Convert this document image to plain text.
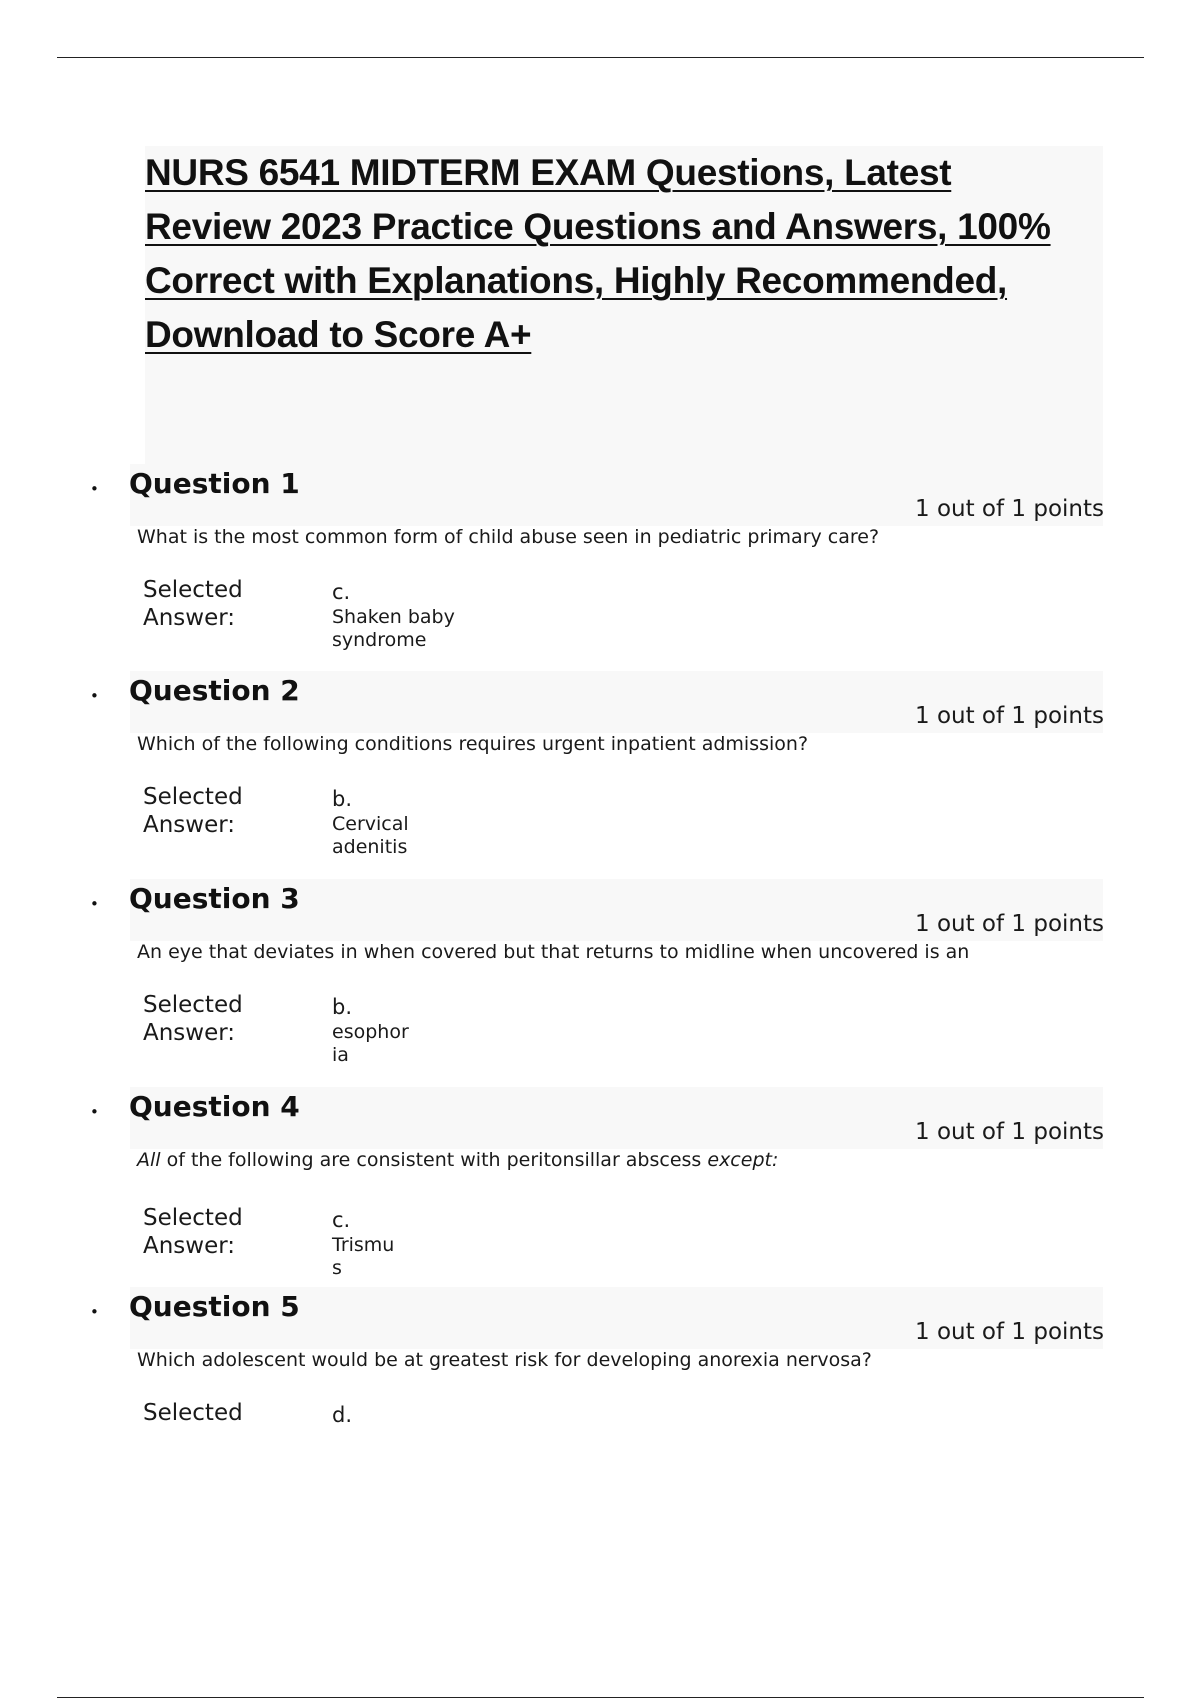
NURS 6541 MIDTERM EXAM Questions, Latest
Review 2023 Practice Questions and Answers, 100%
Correct with Explanations, Highly Recommended,
Download to Score A+
• Question 1
1 out of 1 points
What is the most common form of child abuse seen in pediatric primary care?
Selected
Answer:
c.
Shaken baby
syndrome
• Question 2
1 out of 1 points
Which of the following conditions requires urgent inpatient admission?
Selected
Answer:
b.
Cervical
adenitis
• Question 3
1 out of 1 points
An eye that deviates in when covered but that returns to midline when uncovered is an
Selected
Answer:
b.
esophor
ia
• Question 4
1 out of 1 points
All of the following are consistent with peritonsillar abscess except:
Selected
Answer:
c.
Trismu
s
• Question 5
1 out of 1 points
Which adolescent would be at greatest risk for developing anorexia nervosa?
Selected	d.
